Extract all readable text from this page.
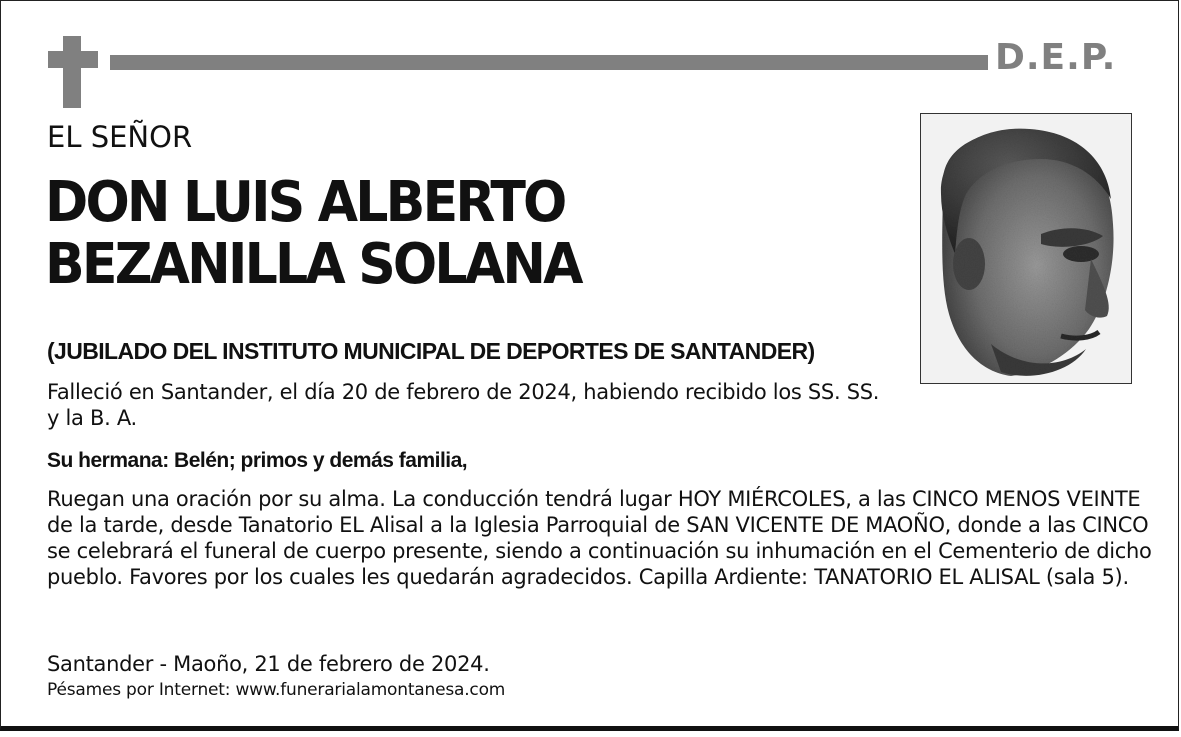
D.E.P.
EL SEÑOR
DON LUIS ALBERTO
BEZANILLA SOLANA
(JUBILADO DEL INSTITUTO MUNICIPAL DE DEPORTES DE SANTANDER)
Falleció en Santander, el día 20 de febrero de 2024, habiendo recibido los SS. SS. y la B. A.
Su hermana: Belén; primos y demás familia,
Ruegan una oración por su alma. La conducción tendrá lugar HOY MIÉRCOLES, a las CINCO MENOS VEINTE de la tarde, desde Tanatorio EL Alisal a la Iglesia Parroquial de SAN VICENTE DE MAOÑO, donde a las CINCO se celebrará el funeral de cuerpo presente, siendo a continuación su inhumación en el Cementerio de dicho pueblo. Favores por los cuales les quedarán agradecidos. Capilla Ardiente: TANATORIO EL ALISAL (sala 5).
Santander - Maoño, 21 de febrero de 2024.
Pésames por Internet: www.funerarialamontanesa.com
